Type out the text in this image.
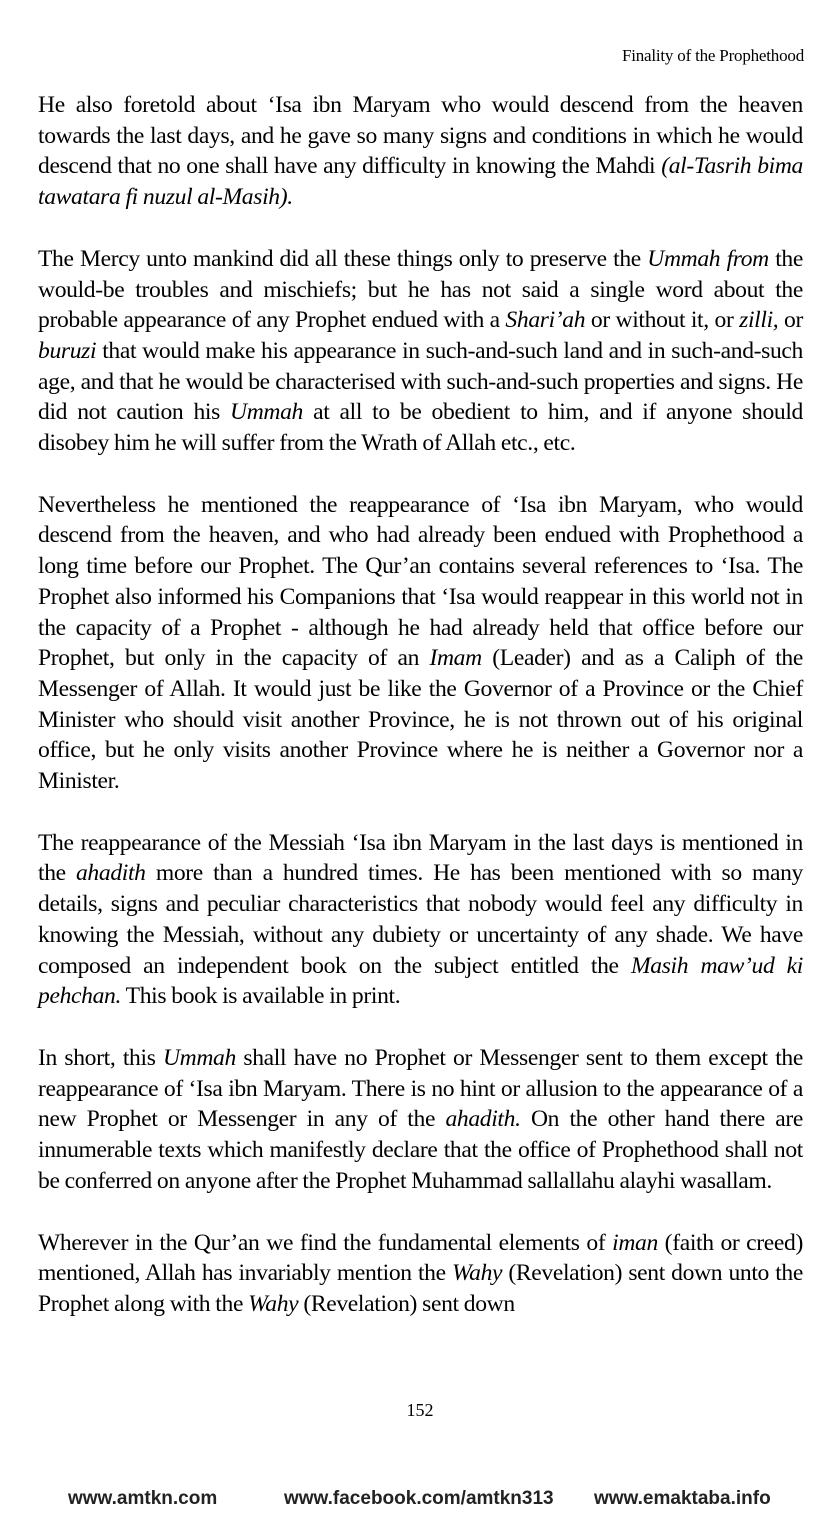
Finality of the Prophethood

He also foretold about ‘Isa ibn Maryam who would descend from the heaven towards the last days, and he gave so many signs and conditions in which he would descend that no one shall have any difficulty in knowing the Mahdi (al-Tasrih bima tawatara fi nuzul al-Masih).

The Mercy unto mankind did all these things only to preserve the Ummah from the would-be troubles and mischiefs; but he has not said a single word about the probable appearance of any Prophet endued with a Shari’ah or without it, or zilli, or buruzi that would make his appearance in such-and-such land and in such-and-such age, and that he would be characterised with such-and-such properties and signs. He did not caution his Ummah at all to be obedient to him, and if anyone should disobey him he will suffer from the Wrath of Allah etc., etc.

Nevertheless he mentioned the reappearance of ‘Isa ibn Maryam, who would descend from the heaven, and who had already been endued with Prophethood a long time before our Prophet. The Qur’an contains several references to ‘Isa. The Prophet also informed his Companions that ‘Isa would reappear in this world not in the capacity of a Prophet - although he had already held that office before our Prophet, but only in the capacity of an Imam (Leader) and as a Caliph of the Messenger of Allah. It would just be like the Governor of a Province or the Chief Minister who should visit another Province, he is not thrown out of his original office, but he only visits another Province where he is neither a Governor nor a Minister.

The reappearance of the Messiah ‘Isa ibn Maryam in the last days is mentioned in the ahadith more than a hundred times. He has been mentioned with so many details, signs and peculiar characteristics that nobody would feel any difficulty in knowing the Messiah, without any dubiety or uncertainty of any shade. We have composed an independent book on the subject entitled the Masih maw’ud ki pehchan. This book is available in print.

In short, this Ummah shall have no Prophet or Messenger sent to them except the reappearance of ‘Isa ibn Maryam. There is no hint or allusion to the appearance of a new Prophet or Messenger in any of the ahadith. On the other hand there are innumerable texts which manifestly declare that the office of Prophethood shall not be conferred on anyone after the Prophet Muhammad sallallahu alayhi wasallam.

Wherever in the Qur’an we find the fundamental elements of iman (faith or creed) mentioned, Allah has invariably mention the Wahy (Revelation) sent down unto the Prophet along with the Wahy (Revelation) sent down

152
www.amtkn.com	www.facebook.com/amtkn313 www.emaktaba.info
